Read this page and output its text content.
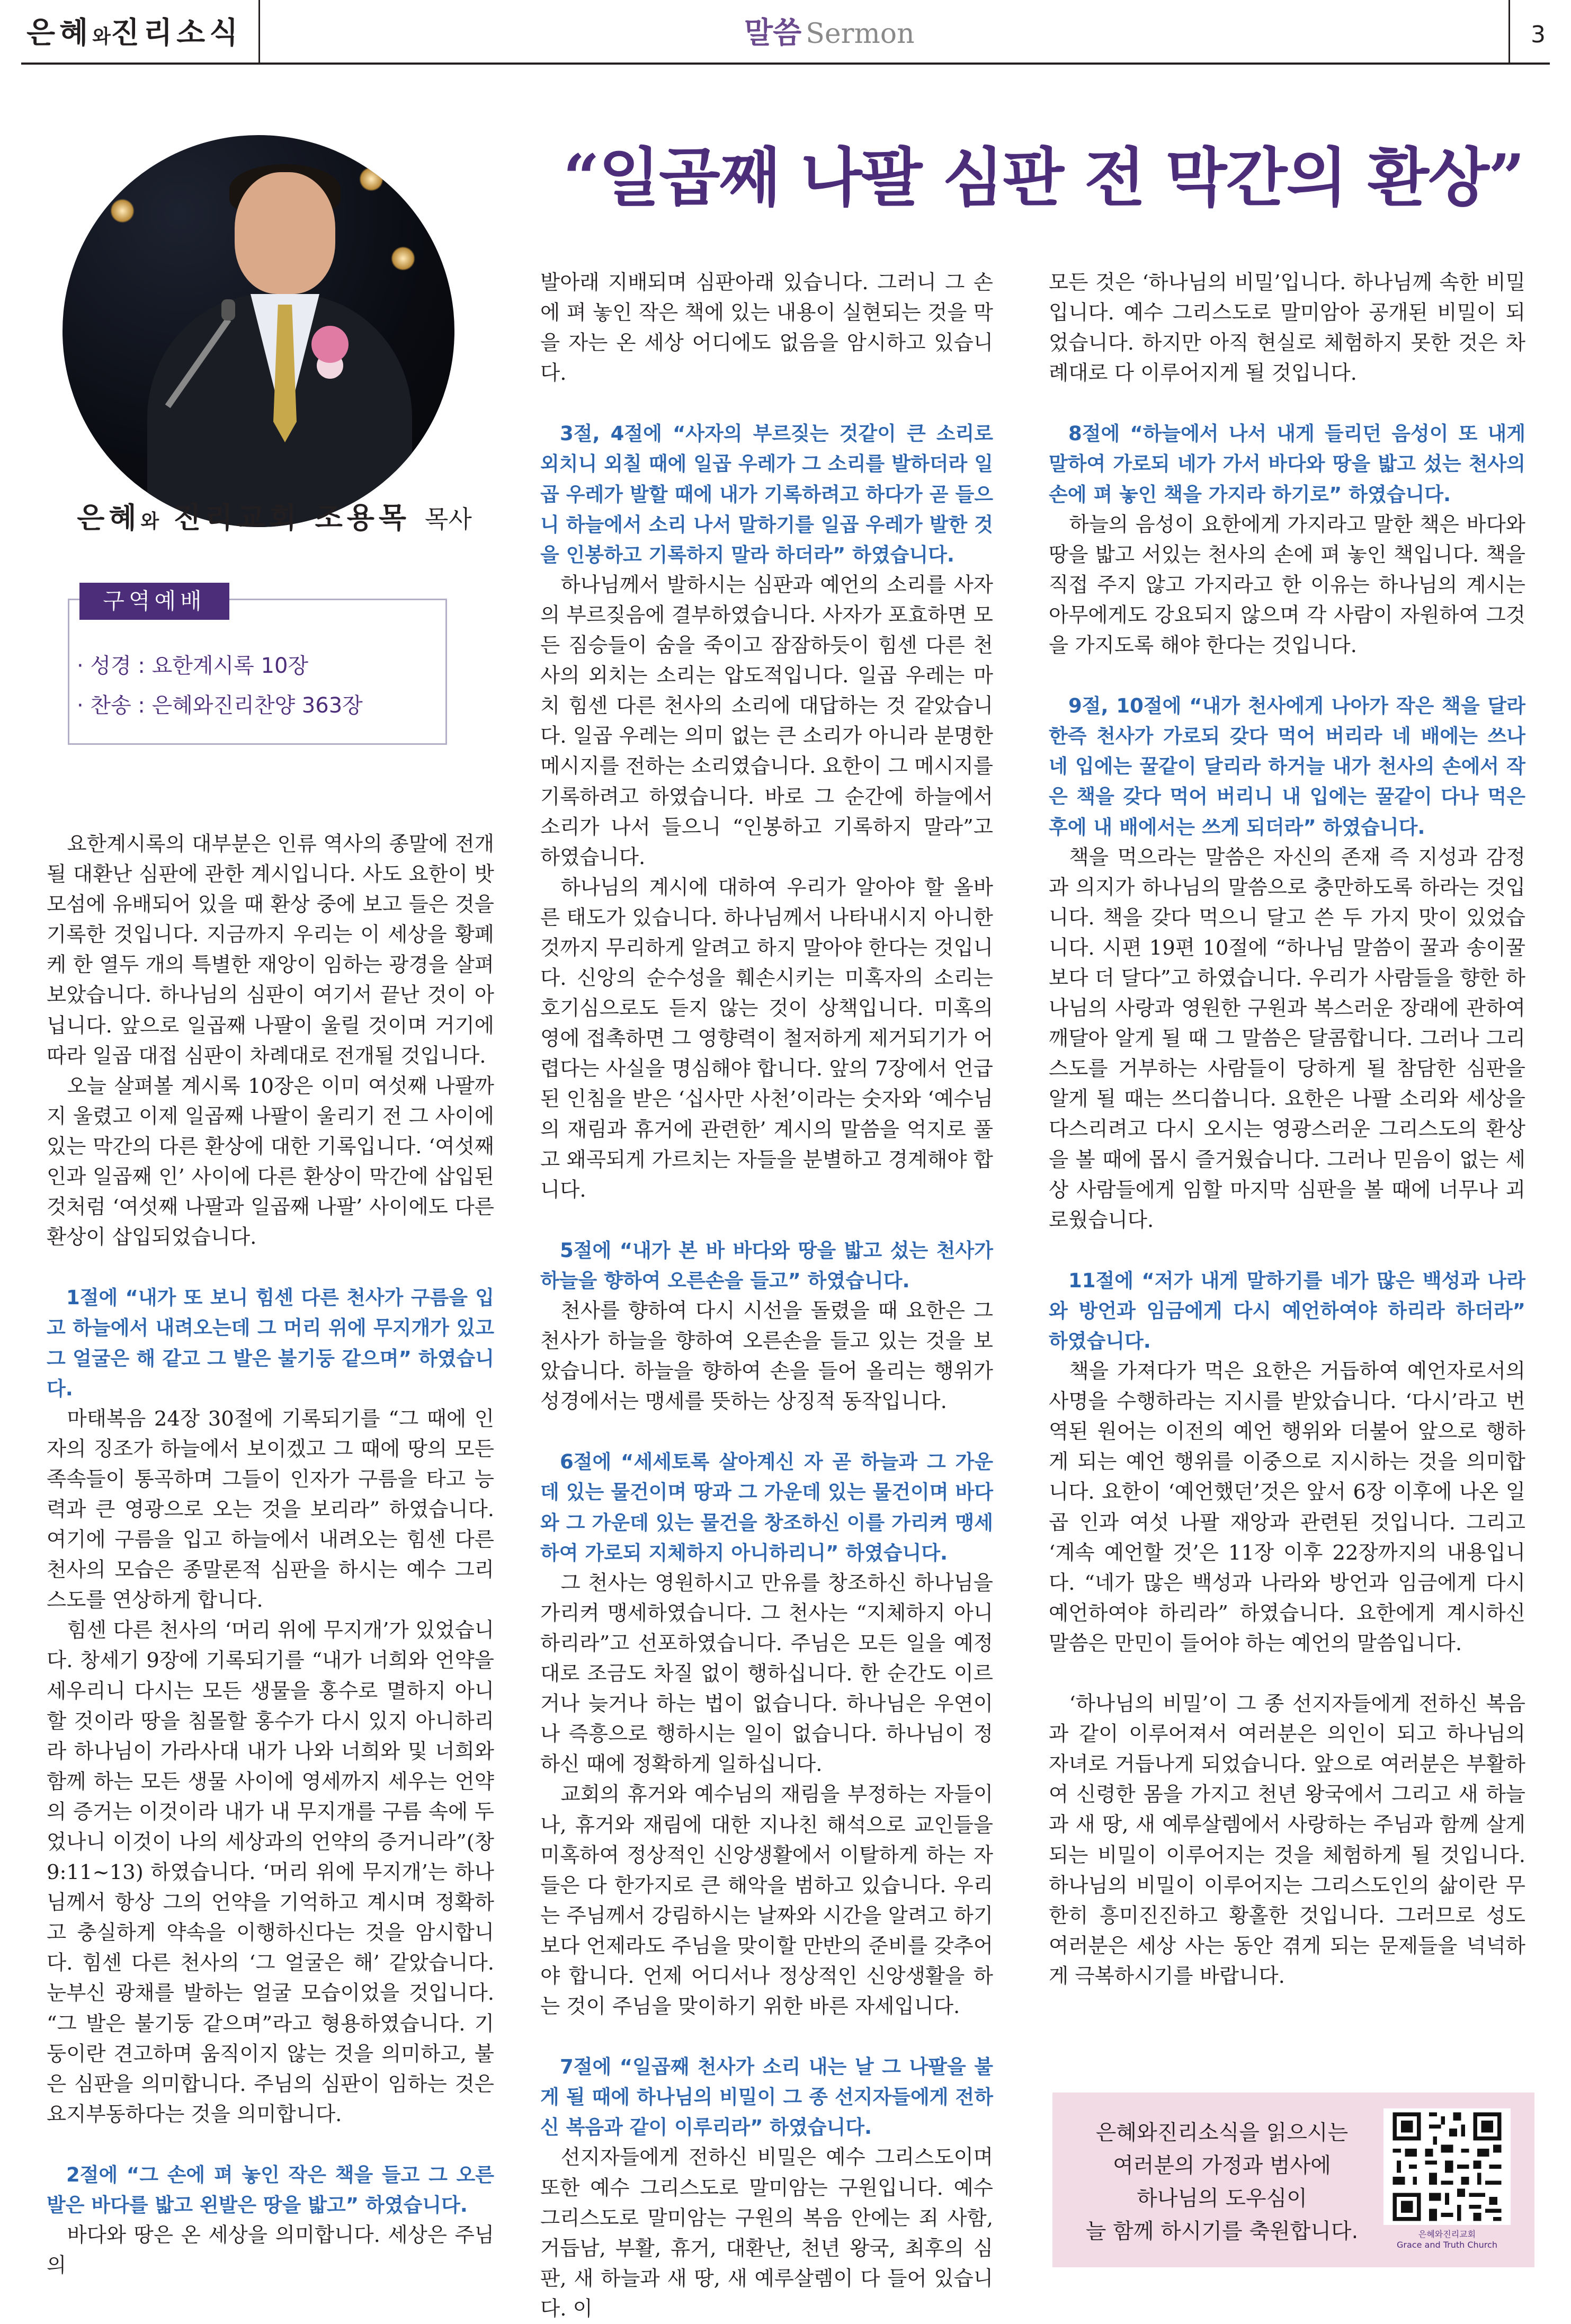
은혜와진리소식	말씀 Sermon	3
“일곱째 나팔 심판 전 막간의 환상”
은혜와 진리교회 조용목 목사
구역예배
· 성경 : 요한계시록 10장
· 찬송 : 은혜와진리찬양 363장

요한계시록의 대부분은 인류 역사의 종말에 전개될 대환난 심판에 관한 계시입니다. 사도 요한이 밧모섬에 유배되어 있을 때 환상 중에 보고 들은 것을 기록한 것입니다. 지금까지 우리는 이 세상을 황폐케 한 열두 개의 특별한 재앙이 임하는 광경을 살펴보았습니다. 하나님의 심판이 여기서 끝난 것이 아닙니다. 앞으로 일곱째 나팔이 울릴 것이며 거기에 따라 일곱 대접 심판이 차례대로 전개될 것입니다.

오늘 살펴볼 계시록 10장은 이미 여섯째 나팔까지 울렸고 이제 일곱째 나팔이 울리기 전 그 사이에 있는 막간의 다른 환상에 대한 기록입니다. ‘여섯째 인과 일곱째 인’ 사이에 다른 환상이 막간에 삽입된 것처럼 ‘여섯째 나팔과 일곱째 나팔’ 사이에도 다른 환상이 삽입되었습니다.

1절에 “내가 또 보니 힘센 다른 천사가 구름을 입고 하늘에서 내려오는데 그 머리 위에 무지개가 있고 그 얼굴은 해 같고 그 발은 불기둥 같으며” 하였습니다.

마태복음 24장 30절에 기록되기를 “그 때에 인자의 징조가 하늘에서 보이겠고 그 때에 땅의 모든 족속들이 통곡하며 그들이 인자가 구름을 타고 능력과 큰 영광으로 오는 것을 보리라” 하였습니다. 여기에 구름을 입고 하늘에서 내려오는 힘센 다른 천사의 모습은 종말론적 심판을 하시는 예수 그리스도를 연상하게 합니다.

힘센 다른 천사의 ‘머리 위에 무지개’가 있었습니다. 창세기 9장에 기록되기를 “내가 너희와 언약을 세우리니 다시는 모든 생물을 홍수로 멸하지 아니할 것이라 땅을 침몰할 홍수가 다시 있지 아니하리라 하나님이 가라사대 내가 나와 너희와 및 너희와 함께 하는 모든 생물 사이에 영세까지 세우는 언약의 증거는 이것이라 내가 내 무지개를 구름 속에 두었나니 이것이 나의 세상과의 언약의 증거니라”(창 9:11~13) 하였습니다. ‘머리 위에 무지개’는 하나님께서 항상 그의 언약을 기억하고 계시며 정확하고 충실하게 약속을 이행하신다는 것을 암시합니다. 힘센 다른 천사의 ‘그 얼굴은 해’ 같았습니다. 눈부신 광채를 발하는 얼굴 모습이었을 것입니다. “그 발은 불기둥 같으며”라고 형용하였습니다. 기둥이란 견고하며 움직이지 않는 것을 의미하고, 불은 심판을 의미합니다. 주님의 심판이 임하는 것은 요지부동하다는 것을 의미합니다.

2절에 “그 손에 펴 놓인 작은 책을 들고 그 오른발은 바다를 밟고 왼발은 땅을 밟고” 하였습니다.

바다와 땅은 온 세상을 의미합니다. 세상은 주님의

발아래 지배되며 심판아래 있습니다. 그러니 그 손에 펴 놓인 작은 책에 있는 내용이 실현되는 것을 막을 자는 온 세상 어디에도 없음을 암시하고 있습니다.

3절, 4절에 “사자의 부르짖는 것같이 큰 소리로 외치니 외칠 때에 일곱 우레가 그 소리를 발하더라 일곱 우레가 발할 때에 내가 기록하려고 하다가 곧 들으니 하늘에서 소리 나서 말하기를 일곱 우레가 발한 것을 인봉하고 기록하지 말라 하더라” 하였습니다.

하나님께서 발하시는 심판과 예언의 소리를 사자의 부르짖음에 결부하였습니다. 사자가 포효하면 모든 짐승들이 숨을 죽이고 잠잠하듯이 힘센 다른 천사의 외치는 소리는 압도적입니다. 일곱 우레는 마치 힘센 다른 천사의 소리에 대답하는 것 같았습니다. 일곱 우레는 의미 없는 큰 소리가 아니라 분명한 메시지를 전하는 소리였습니다. 요한이 그 메시지를 기록하려고 하였습니다. 바로 그 순간에 하늘에서 소리가 나서 들으니 “인봉하고 기록하지 말라”고 하였습니다.

하나님의 계시에 대하여 우리가 알아야 할 올바른 태도가 있습니다. 하나님께서 나타내시지 아니한 것까지 무리하게 알려고 하지 말아야 한다는 것입니다. 신앙의 순수성을 훼손시키는 미혹자의 소리는 호기심으로도 듣지 않는 것이 상책입니다. 미혹의 영에 접촉하면 그 영향력이 철저하게 제거되기가 어렵다는 사실을 명심해야 합니다. 앞의 7장에서 언급된 인침을 받은 ‘십사만 사천’이라는 숫자와 ‘예수님의 재림과 휴거에 관련한’ 계시의 말씀을 억지로 풀고 왜곡되게 가르치는 자들을 분별하고 경계해야 합니다.

5절에 “내가 본 바 바다와 땅을 밟고 섰는 천사가 하늘을 향하여 오른손을 들고” 하였습니다.

천사를 향하여 다시 시선을 돌렸을 때 요한은 그 천사가 하늘을 향하여 오른손을 들고 있는 것을 보았습니다. 하늘을 향하여 손을 들어 올리는 행위가 성경에서는 맹세를 뜻하는 상징적 동작입니다.

6절에 “세세토록 살아계신 자 곧 하늘과 그 가운데 있는 물건이며 땅과 그 가운데 있는 물건이며 바다와 그 가운데 있는 물건을 창조하신 이를 가리켜 맹세하여 가로되 지체하지 아니하리니” 하였습니다.

그 천사는 영원하시고 만유를 창조하신 하나님을 가리켜 맹세하였습니다. 그 천사는 “지체하지 아니하리라”고 선포하였습니다. 주님은 모든 일을 예정대로 조금도 차질 없이 행하십니다. 한 순간도 이르거나 늦거나 하는 법이 없습니다. 하나님은 우연이나 즉흥으로 행하시는 일이 없습니다. 하나님이 정하신 때에 정확하게 일하십니다.

교회의 휴거와 예수님의 재림을 부정하는 자들이나, 휴거와 재림에 대한 지나친 해석으로 교인들을 미혹하여 정상적인 신앙생활에서 이탈하게 하는 자들은 다 한가지로 큰 해악을 범하고 있습니다. 우리는 주님께서 강림하시는 날짜와 시간을 알려고 하기보다 언제라도 주님을 맞이할 만반의 준비를 갖추어야 합니다. 언제 어디서나 정상적인 신앙생활을 하는 것이 주님을 맞이하기 위한 바른 자세입니다.

7절에 “일곱째 천사가 소리 내는 날 그 나팔을 불게 될 때에 하나님의 비밀이 그 종 선지자들에게 전하신 복음과 같이 이루리라” 하였습니다.

선지자들에게 전하신 비밀은 예수 그리스도이며 또한 예수 그리스도로 말미암는 구원입니다. 예수 그리스도로 말미암는 구원의 복음 안에는 죄 사함, 거듭남, 부활, 휴거, 대환난, 천년 왕국, 최후의 심판, 새 하늘과 새 땅, 새 예루살렘이 다 들어 있습니다. 이

모든 것은 ‘하나님의 비밀’입니다. 하나님께 속한 비밀입니다. 예수 그리스도로 말미암아 공개된 비밀이 되었습니다. 하지만 아직 현실로 체험하지 못한 것은 차례대로 다 이루어지게 될 것입니다.

8절에 “하늘에서 나서 내게 들리던 음성이 또 내게 말하여 가로되 네가 가서 바다와 땅을 밟고 섰는 천사의 손에 펴 놓인 책을 가지라 하기로” 하였습니다.

하늘의 음성이 요한에게 가지라고 말한 책은 바다와 땅을 밟고 서있는 천사의 손에 펴 놓인 책입니다. 책을 직접 주지 않고 가지라고 한 이유는 하나님의 계시는 아무에게도 강요되지 않으며 각 사람이 자원하여 그것을 가지도록 해야 한다는 것입니다.

9절, 10절에 “내가 천사에게 나아가 작은 책을 달라 한즉 천사가 가로되 갖다 먹어 버리라 네 배에는 쓰나 네 입에는 꿀같이 달리라 하거늘 내가 천사의 손에서 작은 책을 갖다 먹어 버리니 내 입에는 꿀같이 다나 먹은 후에 내 배에서는 쓰게 되더라” 하였습니다.

책을 먹으라는 말씀은 자신의 존재 즉 지성과 감정과 의지가 하나님의 말씀으로 충만하도록 하라는 것입니다. 책을 갖다 먹으니 달고 쓴 두 가지 맛이 있었습니다. 시편 19편 10절에 “하나님 말씀이 꿀과 송이꿀보다 더 달다”고 하였습니다. 우리가 사람들을 향한 하나님의 사랑과 영원한 구원과 복스러운 장래에 관하여 깨달아 알게 될 때 그 말씀은 달콤합니다. 그러나 그리스도를 거부하는 사람들이 당하게 될 참담한 심판을 알게 될 때는 쓰디씁니다. 요한은 나팔 소리와 세상을 다스리려고 다시 오시는 영광스러운 그리스도의 환상을 볼 때에 몹시 즐거웠습니다. 그러나 믿음이 없는 세상 사람들에게 임할 마지막 심판을 볼 때에 너무나 괴로웠습니다.

11절에 “저가 내게 말하기를 네가 많은 백성과 나라와 방언과 임금에게 다시 예언하여야 하리라 하더라” 하였습니다.

책을 가져다가 먹은 요한은 거듭하여 예언자로서의 사명을 수행하라는 지시를 받았습니다. ‘다시’라고 번역된 원어는 이전의 예언 행위와 더불어 앞으로 행하게 되는 예언 행위를 이중으로 지시하는 것을 의미합니다. 요한이 ‘예언했던’것은 앞서 6장 이후에 나온 일곱 인과 여섯 나팔 재앙과 관련된 것입니다. 그리고 ‘계속 예언할 것’은 11장 이후 22장까지의 내용입니다. “네가 많은 백성과 나라와 방언과 임금에게 다시 예언하여야 하리라” 하였습니다. 요한에게 계시하신 말씀은 만민이 들어야 하는 예언의 말씀입니다.

‘하나님의 비밀’이 그 종 선지자들에게 전하신 복음과 같이 이루어져서 여러분은 의인이 되고 하나님의 자녀로 거듭나게 되었습니다. 앞으로 여러분은 부활하여 신령한 몸을 가지고 천년 왕국에서 그리고 새 하늘과 새 땅, 새 예루살렘에서 사랑하는 주님과 함께 살게 되는 비밀이 이루어지는 것을 체험하게 될 것입니다. 하나님의 비밀이 이루어지는 그리스도인의 삶이란 무한히 흥미진진하고 황홀한 것입니다. 그러므로 성도 여러분은 세상 사는 동안 겪게 되는 문제들을 넉넉하게 극복하시기를 바랍니다.

은혜와진리소식을 읽으시는
여러분의 가정과 범사에
하나님의 도우심이
늘 함께 하시기를 축원합니다.	은혜와진리교회
Grace and Truth Church
